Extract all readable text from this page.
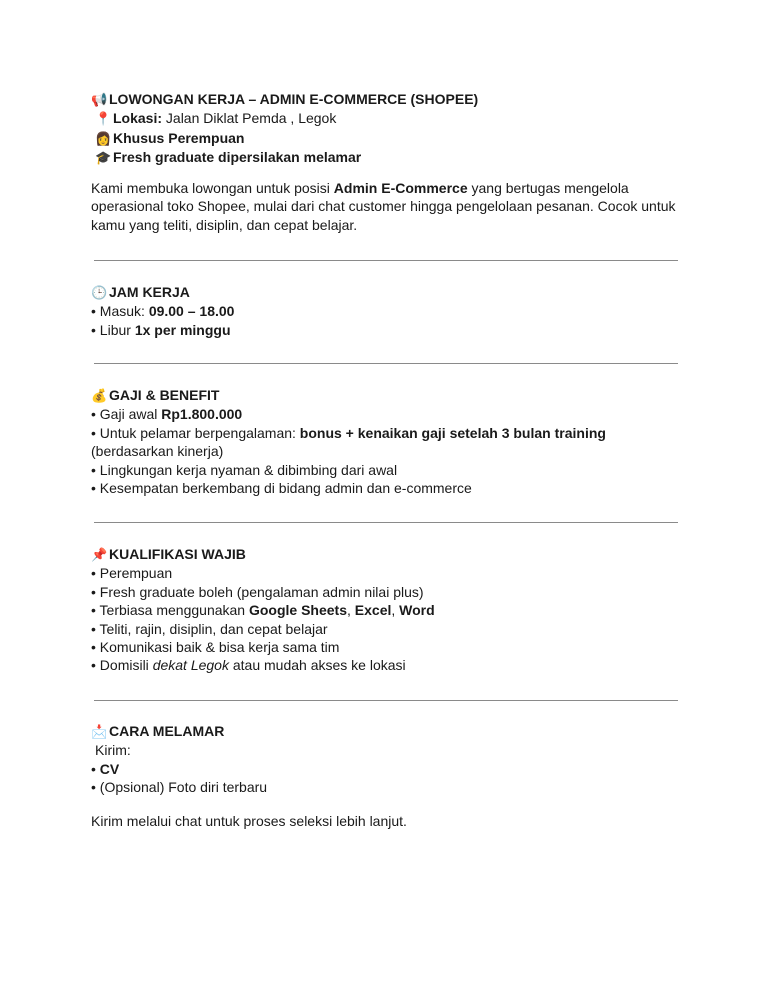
📢 LOWONGAN KERJA – ADMIN E-COMMERCE (SHOPEE)
📍 Lokasi: Jalan Diklat Pemda , Legok
👩 Khusus Perempuan
🎓 Fresh graduate dipersilakan melamar
Kami membuka lowongan untuk posisi Admin E-Commerce yang bertugas mengelola operasional toko Shopee, mulai dari chat customer hingga pengelolaan pesanan. Cocok untuk kamu yang teliti, disiplin, dan cepat belajar.
🕒 JAM KERJA
• Masuk: 09.00 – 18.00
• Libur 1x per minggu
💰 GAJI & BENEFIT
• Gaji awal Rp1.800.000
• Untuk pelamar berpengalaman: bonus + kenaikan gaji setelah 3 bulan training
(berdasarkan kinerja)
• Lingkungan kerja nyaman & dibimbing dari awal
• Kesempatan berkembang di bidang admin dan e-commerce
📌 KUALIFIKASI WAJIB
• Perempuan
• Fresh graduate boleh (pengalaman admin nilai plus)
• Terbiasa menggunakan Google Sheets, Excel, Word
• Teliti, rajin, disiplin, dan cepat belajar
• Komunikasi baik & bisa kerja sama tim
• Domisili dekat Legok atau mudah akses ke lokasi
📩 CARA MELAMAR
Kirim:
• CV
• (Opsional) Foto diri terbaru
Kirim melalui chat untuk proses seleksi lebih lanjut.
